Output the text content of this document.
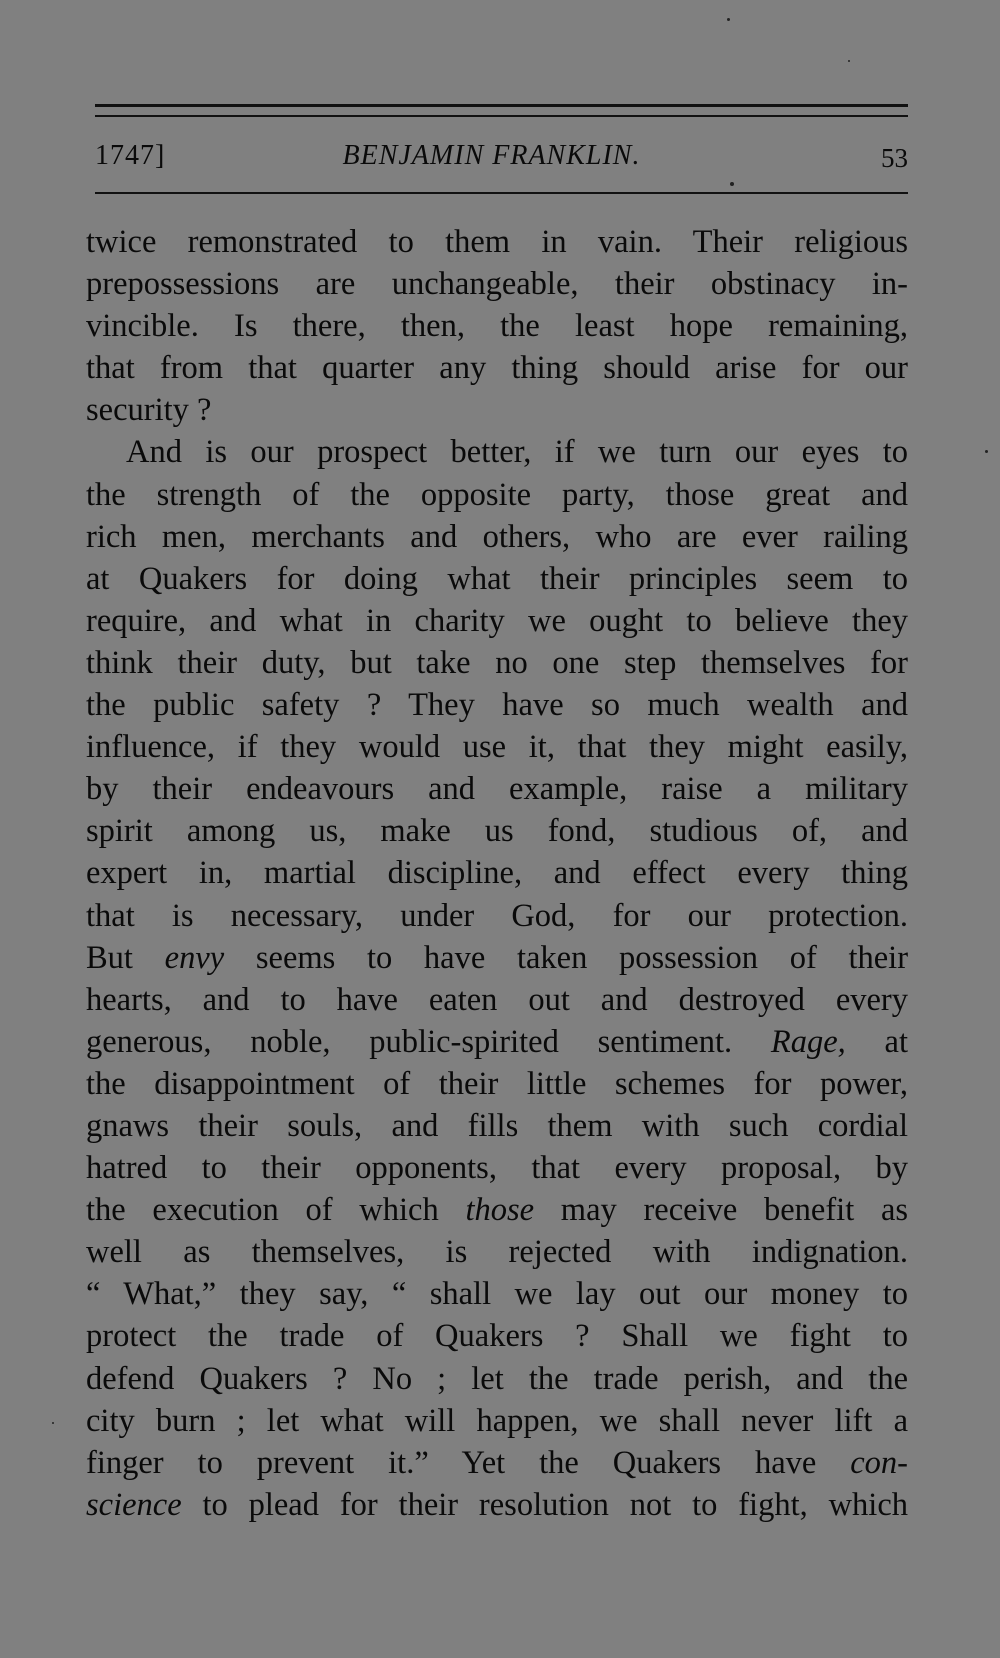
1747]	BENJAMIN FRANKLIN.	53
twice remonstrated to them in vain. Their religious
prepossessions are unchangeable, their obstinacy in-
vincible. Is there, then, the least hope remaining,
that from that quarter any thing should arise for our
security ?
And is our prospect better, if we turn our eyes to
the strength of the opposite party, those great and
rich men, merchants and others, who are ever railing
at Quakers for doing what their principles seem to
require, and what in charity we ought to believe they
think their duty, but take no one step themselves for
the public safety ? They have so much wealth and
influence, if they would use it, that they might easily,
by their endeavours and example, raise a military
spirit among us, make us fond, studious of, and
expert in, martial discipline, and effect every thing
that is necessary, under God, for our protection.
But envy seems to have taken possession of their
hearts, and to have eaten out and destroyed every
generous, noble, public-spirited sentiment. Rage, at
the disappointment of their little schemes for power,
gnaws their souls, and fills them with such cordial
hatred to their opponents, that every proposal, by
the execution of which those may receive benefit as
well as themselves, is rejected with indignation.
“ What,” they say, “ shall we lay out our money to
protect the trade of Quakers ? Shall we fight to
defend Quakers ? No ; let the trade perish, and the
city burn ; let what will happen, we shall never lift a
finger to prevent it.” Yet the Quakers have con-
science to plead for their resolution not to fight, which
